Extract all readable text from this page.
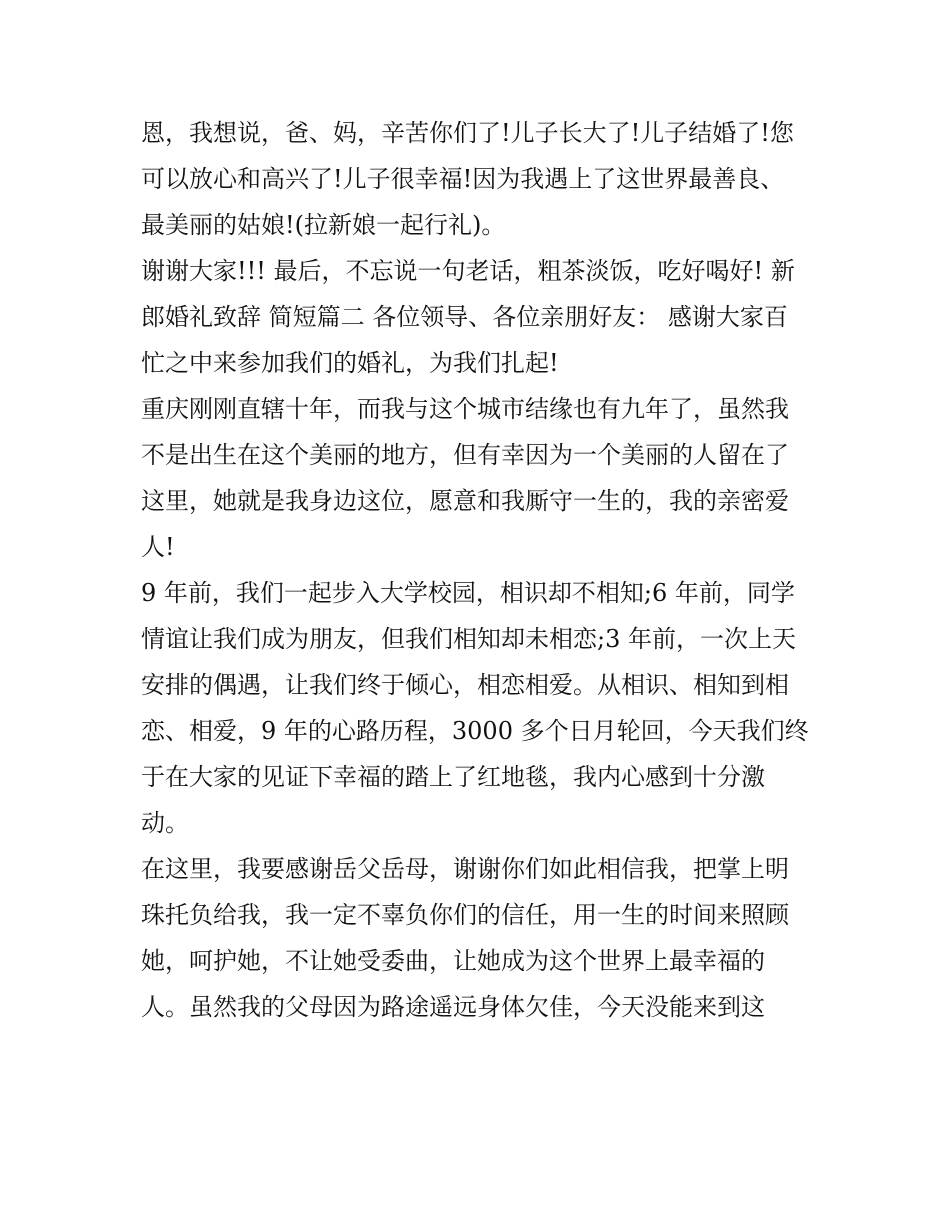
恩，我想说，爸、妈，辛苦你们了!儿子长大了!儿子结婚了!您
可以放心和高兴了!儿子很幸福!因为我遇上了这世界最善良、
最美丽的姑娘!(拉新娘一起行礼)。
谢谢大家!!! 最后，不忘说一句老话，粗茶淡饭，吃好喝好! 新
郎婚礼致辞 简短篇二 各位领导、各位亲朋好友： 感谢大家百
忙之中来参加我们的婚礼，为我们扎起!
重庆刚刚直辖十年，而我与这个城市结缘也有九年了，虽然我
不是出生在这个美丽的地方，但有幸因为一个美丽的人留在了
这里，她就是我身边这位，愿意和我厮守一生的，我的亲密爱
人!
9 年前，我们一起步入大学校园，相识却不相知;6 年前，同学
情谊让我们成为朋友，但我们相知却未相恋;3 年前，一次上天
安排的偶遇，让我们终于倾心，相恋相爱。从相识、相知到相
恋、相爱，9 年的心路历程，3000 多个日月轮回，今天我们终
于在大家的见证下幸福的踏上了红地毯，我内心感到十分激
动。
在这里，我要感谢岳父岳母，谢谢你们如此相信我，把掌上明
珠托负给我，我一定不辜负你们的信任，用一生的时间来照顾
她，呵护她，不让她受委曲，让她成为这个世界上最幸福的
人。虽然我的父母因为路途遥远身体欠佳，今天没能来到这
